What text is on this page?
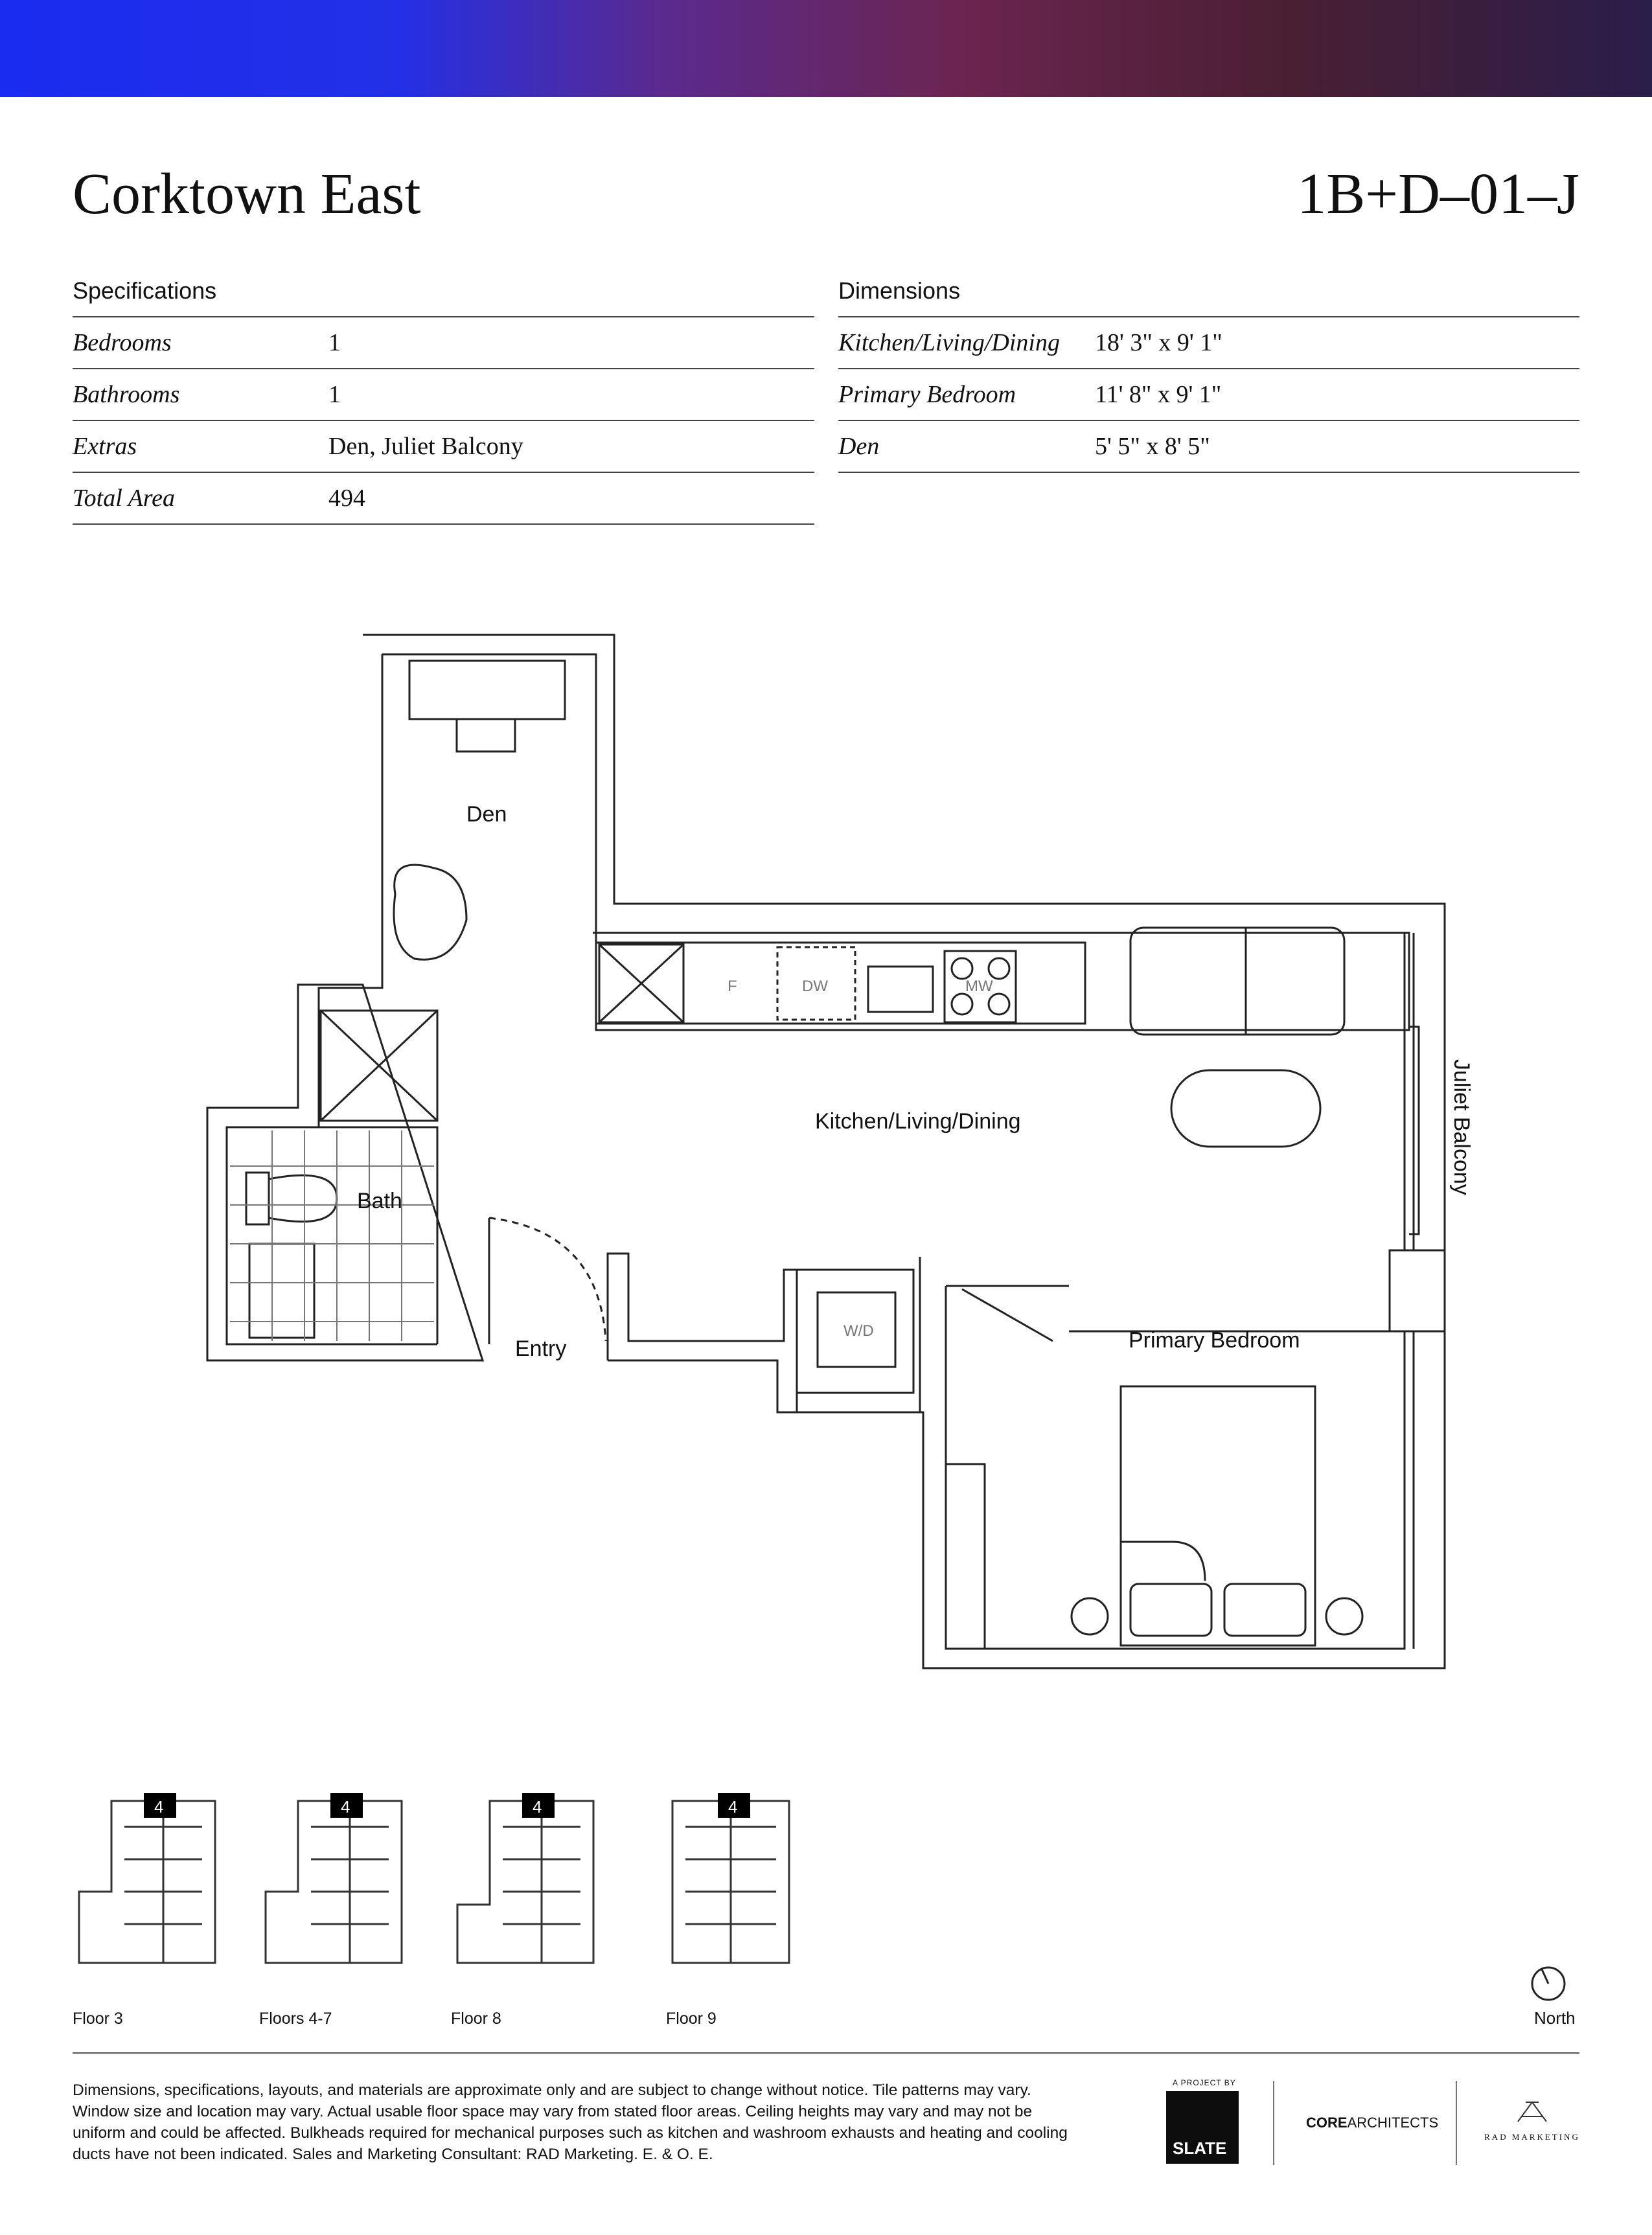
Corktown East	1B+D–01–J
Specifications
Bedrooms	1
Bathrooms	1
Extras	Den, Juliet Balcony
Total Area	494
Dimensions
Kitchen/Living/Dining	18' 3" x 9' 1"
Primary Bedroom	11' 8" x 9' 1"
Den	5' 5" x 8' 5"
Den
Kitchen/Living/Dining
Bath
Entry	Primary Bedroom
Juliet Balcony
F	DW	MW
W/D
4	4	4	4
Floor 3	Floors 4-7	Floor 8	Floor 9	North

Dimensions, specifications, layouts, and materials are approximate only and are subject to change without notice. Tile patterns may vary. Window size and location may vary. Actual usable floor space may vary from stated floor areas. Ceiling heights may vary and may not be uniform and could be affected. Bulkheads required for mechanical purposes such as kitchen and washroom exhausts and heating and cooling ducts have not been indicated. Sales and Marketing Consultant: RAD Marketing. E. & O. E.

A PROJECT BY
SLATE
COREARCHITECTS
RAD MARKETING
